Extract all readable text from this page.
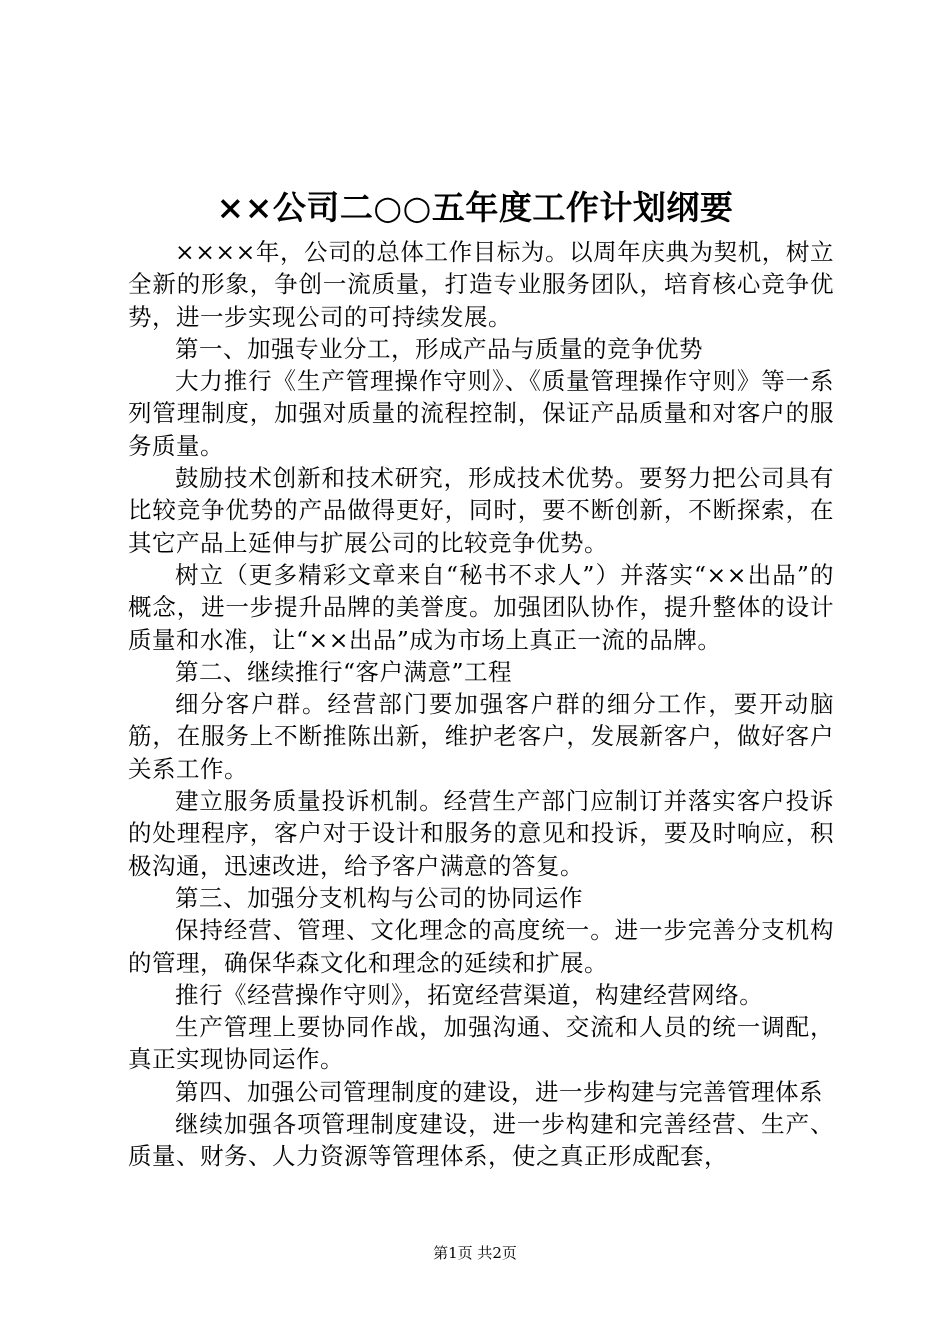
××公司二○○五年度工作计划纲要

××××年，公司的总体工作目标为。以周年庆典为契机，树立全新的形象，争创一流质量，打造专业服务团队，培育核心竞争优势，进一步实现公司的可持续发展。

第一、加强专业分工，形成产品与质量的竞争优势

大力推行《生产管理操作守则》、《质量管理操作守则》等一系列管理制度，加强对质量的流程控制，保证产品质量和对客户的服务质量。

鼓励技术创新和技术研究，形成技术优势。要努力把公司具有比较竞争优势的产品做得更好，同时，要不断创新，不断探索，在其它产品上延伸与扩展公司的比较竞争优势。

树立（更多精彩文章来自“秘书不求人”）并落实“××出品”的概念，进一步提升品牌的美誉度。加强团队协作，提升整体的设计质量和水准，让“××出品”成为市场上真正一流的品牌。

第二、继续推行“客户满意”工程

细分客户群。经营部门要加强客户群的细分工作，要开动脑筋，在服务上不断推陈出新，维护老客户，发展新客户，做好客户关系工作。

建立服务质量投诉机制。经营生产部门应制订并落实客户投诉的处理程序，客户对于设计和服务的意见和投诉，要及时响应，积极沟通，迅速改进，给予客户满意的答复。

第三、加强分支机构与公司的协同运作

保持经营、管理、文化理念的高度统一。进一步完善分支机构的管理，确保华森文化和理念的延续和扩展。

推行《经营操作守则》，拓宽经营渠道，构建经营网络。

生产管理上要协同作战，加强沟通、交流和人员的统一调配，真正实现协同运作。

第四、加强公司管理制度的建设，进一步构建与完善管理体系

继续加强各项管理制度建设，进一步构建和完善经营、生产、质量、财务、人力资源等管理体系，使之真正形成配套，

第1页 共2页
